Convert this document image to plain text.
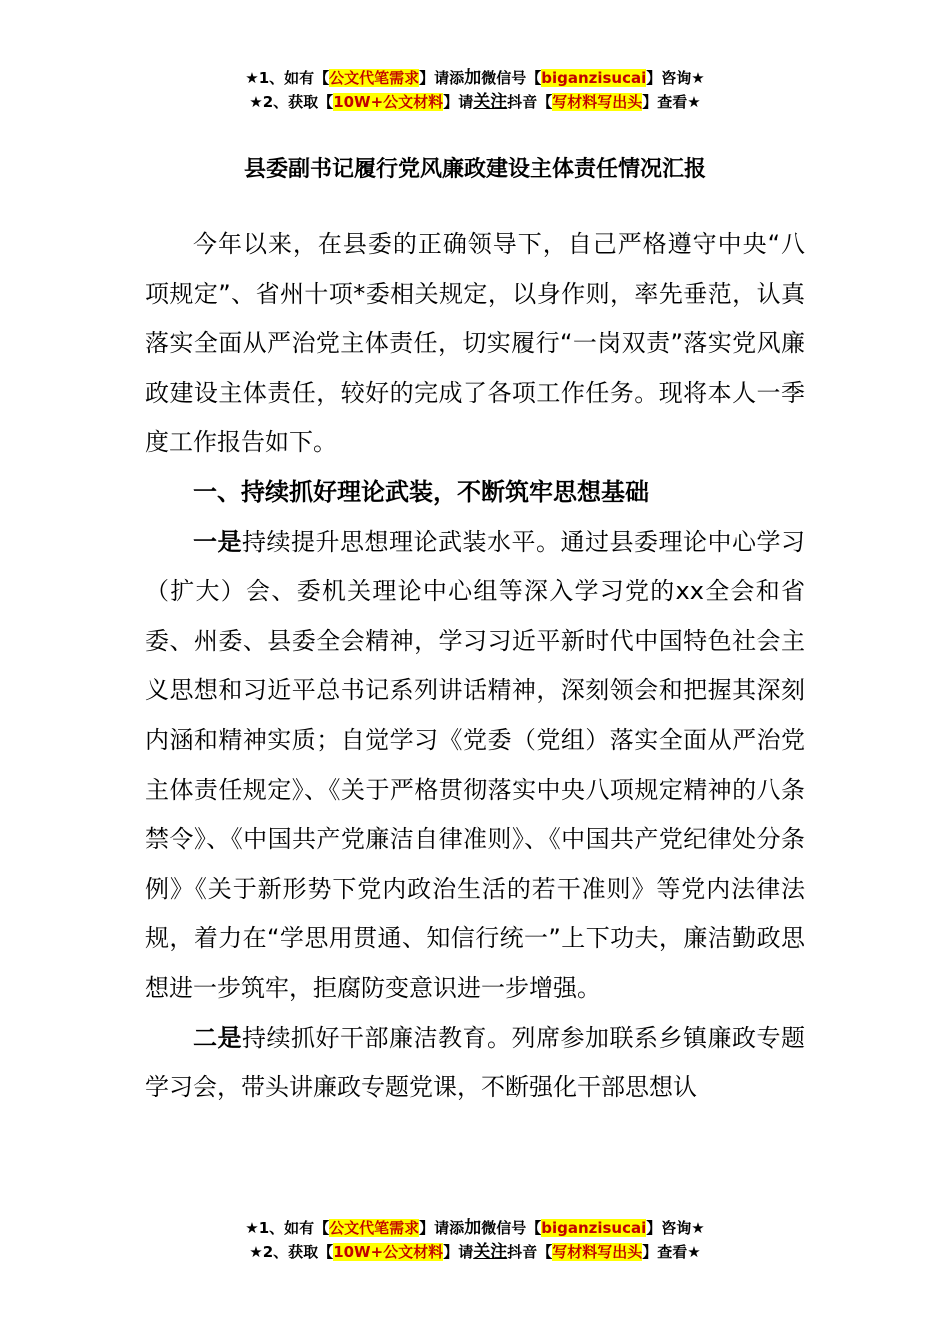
★1、如有【公文代笔需求】请添加微信号【biganzisucai】咨询★
★2、获取【10W+公文材料】请关注抖音【写材料写出头】查看★
县委副书记履行党风廉政建设主体责任情况汇报

今年以来，在县委的正确领导下，自己严格遵守中央“八项规定”、省州十项*委相关规定，以身作则，率先垂范，认真落实全面从严治党主体责任，切实履行“一岗双责”落实党风廉政建设主体责任，较好的完成了各项工作任务。现将本人一季度工作报告如下。

一、持续抓好理论武装，不断筑牢思想基础

一是持续提升思想理论武装水平。通过县委理论中心学习（扩大）会、委机关理论中心组等深入学习党的xx全会和省委、州委、县委全会精神，学习习近平新时代中国特色社会主义思想和习近平总书记系列讲话精神，深刻领会和把握其深刻内涵和精神实质；自觉学习《党委（党组）落实全面从严治党主体责任规定》、《关于严格贯彻落实中央八项规定精神的八条禁令》、《中国共产党廉洁自律准则》、《中国共产党纪律处分条例》《关于新形势下党内政治生活的若干准则》等党内法律法规，着力在“学思用贯通、知信行统一”上下功夫，廉洁勤政思想进一步筑牢，拒腐防变意识进一步增强。

二是持续抓好干部廉洁教育。列席参加联系乡镇廉政专题学习会，带头讲廉政专题党课，不断强化干部思想认

★1、如有【公文代笔需求】请添加微信号【biganzisucai】咨询★
★2、获取【10W+公文材料】请关注抖音【写材料写出头】查看★
